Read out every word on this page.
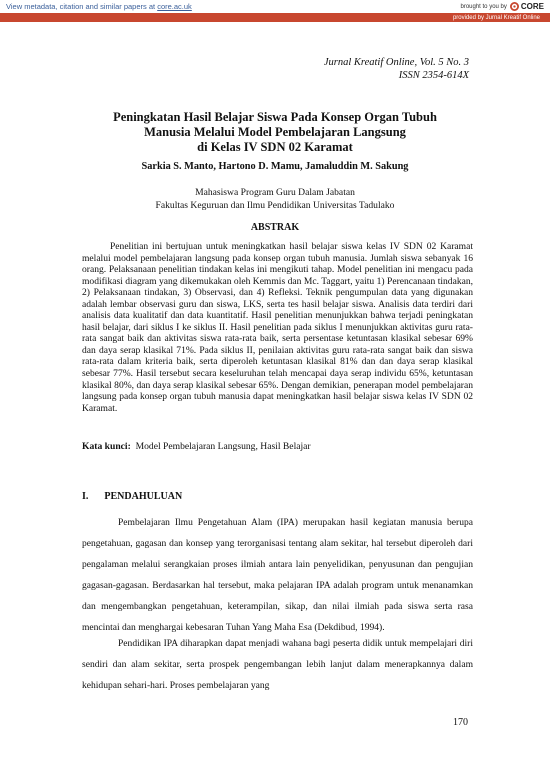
View metadata, citation and similar papers at core.ac.uk	brought to you by CORE
provided by Jurnal Kreatif Online
Jurnal Kreatif Online, Vol. 5 No. 3
ISSN 2354-614X
Peningkatan Hasil Belajar Siswa Pada Konsep Organ Tubuh
Manusia Melalui Model Pembelajaran Langsung
di Kelas IV SDN 02 Karamat
Sarkia S. Manto, Hartono D. Mamu, Jamaluddin M. Sakung
Mahasiswa Program Guru Dalam Jabatan
Fakultas Keguruan dan Ilmu Pendidikan Universitas Tadulako
ABSTRAK

Penelitian ini bertujuan untuk meningkatkan hasil belajar siswa kelas IV SDN 02 Karamat melalui model pembelajaran langsung pada konsep organ tubuh manusia. Jumlah siswa sebanyak 16 orang. Pelaksanaan penelitian tindakan kelas ini mengikuti tahap. Model penelitian ini mengacu pada modifikasi diagram yang dikemukakan oleh Kemmis dan Mc. Taggart, yaitu 1) Perencanaan tindakan, 2) Pelaksanaan tindakan, 3) Observasi, dan 4) Refleksi. Teknik pengumpulan data yang digunakan adalah lembar observasi guru dan siswa, LKS, serta tes hasil belajar siswa. Analisis data terdiri dari analisis data kualitatif dan data kuantitatif. Hasil penelitian menunjukkan bahwa terjadi peningkatan hasil belajar, dari siklus I ke siklus II. Hasil penelitian pada siklus I menunjukkan aktivitas guru rata-rata sangat baik dan aktivitas siswa rata-rata baik, serta persentase ketuntasan klasikal sebesar 69% dan daya serap klasikal 71%. Pada siklus II, penilaian aktivitas guru rata-rata sangat baik dan siswa rata-rata dalam kriteria baik, serta diperoleh ketuntasan klasikal 81% dan dan daya serap klasikal sebesar 77%. Hasil tersebut secara keseluruhan telah mencapai daya serap individu 65%, ketuntasan klasikal 80%, dan daya serap klasikal sebesar 65%. Dengan demikian, penerapan model pembelajaran langsung pada konsep organ tubuh manusia dapat meningkatkan hasil belajar siswa kelas IV SDN 02 Karamat.

Kata kunci: Model Pembelajaran Langsung, Hasil Belajar
I. PENDAHULUAN

Pembelajaran Ilmu Pengetahuan Alam (IPA) merupakan hasil kegiatan manusia berupa pengetahuan, gagasan dan konsep yang terorganisasi tentang alam sekitar, hal tersebut diperoleh dari pengalaman melalui serangkaian proses ilmiah antara lain penyelidikan, penyusunan dan pengujian gagasan-gagasan. Berdasarkan hal tersebut, maka pelajaran IPA adalah program untuk menanamkan dan mengembangkan pengetahuan, keterampilan, sikap, dan nilai ilmiah pada siswa serta rasa mencintai dan menghargai kebesaran Tuhan Yang Maha Esa (Dekdibud, 1994).

Pendidikan IPA diharapkan dapat menjadi wahana bagi peserta didik untuk mempelajari diri sendiri dan alam sekitar, serta prospek pengembangan lebih lanjut dalam menerapkannya dalam kehidupan sehari-hari. Proses pembelajaran yang

170
